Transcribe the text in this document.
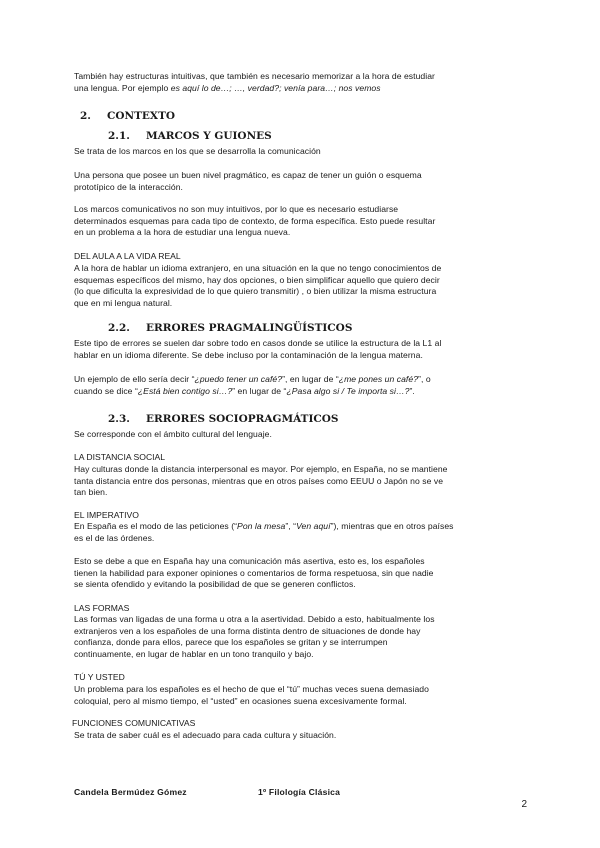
También hay estructuras intuitivas, que también es necesario memorizar a la hora de estudiar
una lengua. Por ejemplo es aquí lo de…; …, verdad?; venía para…; nos vemos

2. CONTEXTO
2.1. MARCOS Y GUIONES

Se trata de los marcos en los que se desarrolla la comunicación

Una persona que posee un buen nivel pragmático, es capaz de tener un guión o esquema
prototípico de la interacción.

Los marcos comunicativos no son muy intuitivos, por lo que es necesario estudiarse
determinados esquemas para cada tipo de contexto, de forma específica. Esto puede resultar
en un problema a la hora de estudiar una lengua nueva.

DEL AULA A LA VIDA REAL

A la hora de hablar un idioma extranjero, en una situación en la que no tengo conocimientos de
esquemas específicos del mismo, hay dos opciones, o bien simplificar aquello que quiero decir
(lo que dificulta la expresividad de lo que quiero transmitir) , o bien utilizar la misma estructura
que en mi lengua natural.

2.2. ERRORES PRAGMALINGÜÍSTICOS

Este tipo de errores se suelen dar sobre todo en casos donde se utilice la estructura de la L1 al
hablar en un idioma diferente. Se debe incluso por la contaminación de la lengua materna.

Un ejemplo de ello sería decir “¿puedo tener un café?”, en lugar de “¿me pones un café?”, o
cuando se dice “¿Está bien contigo si…?” en lugar de “¿Pasa algo si / Te importa si…?”.

2.3. ERRORES SOCIOPRAGMÁTICOS

Se corresponde con el ámbito cultural del lenguaje.

LA DISTANCIA SOCIAL

Hay culturas donde la distancia interpersonal es mayor. Por ejemplo, en España, no se mantiene
tanta distancia entre dos personas, mientras que en otros países como EEUU o Japón no se ve
tan bien.

EL IMPERATIVO

En España es el modo de las peticiones (“Pon la mesa”, “Ven aquí”), mientras que en otros países
es el de las órdenes.

Esto se debe a que en España hay una comunicación más asertiva, esto es, los españoles
tienen la habilidad para exponer opiniones o comentarios de forma respetuosa, sin que nadie
se sienta ofendido y evitando la posibilidad de que se generen conflictos.

LAS FORMAS

Las formas van ligadas de una forma u otra a la asertividad. Debido a esto, habitualmente los
extranjeros ven a los españoles de una forma distinta dentro de situaciones de donde hay
confianza, donde para ellos, parece que los españoles se gritan y se interrumpen
continuamente, en lugar de hablar en un tono tranquilo y bajo.

TÚ Y USTED

Un problema para los españoles es el hecho de que el “tú” muchas veces suena demasiado
coloquial, pero al mismo tiempo, el “usted” en ocasiones suena excesivamente formal.

FUNCIONES COMUNICATIVAS

Se trata de saber cuál es el adecuado para cada cultura y situación.

Candela Bermúdez Gómez	1º Filología Clásica

2
